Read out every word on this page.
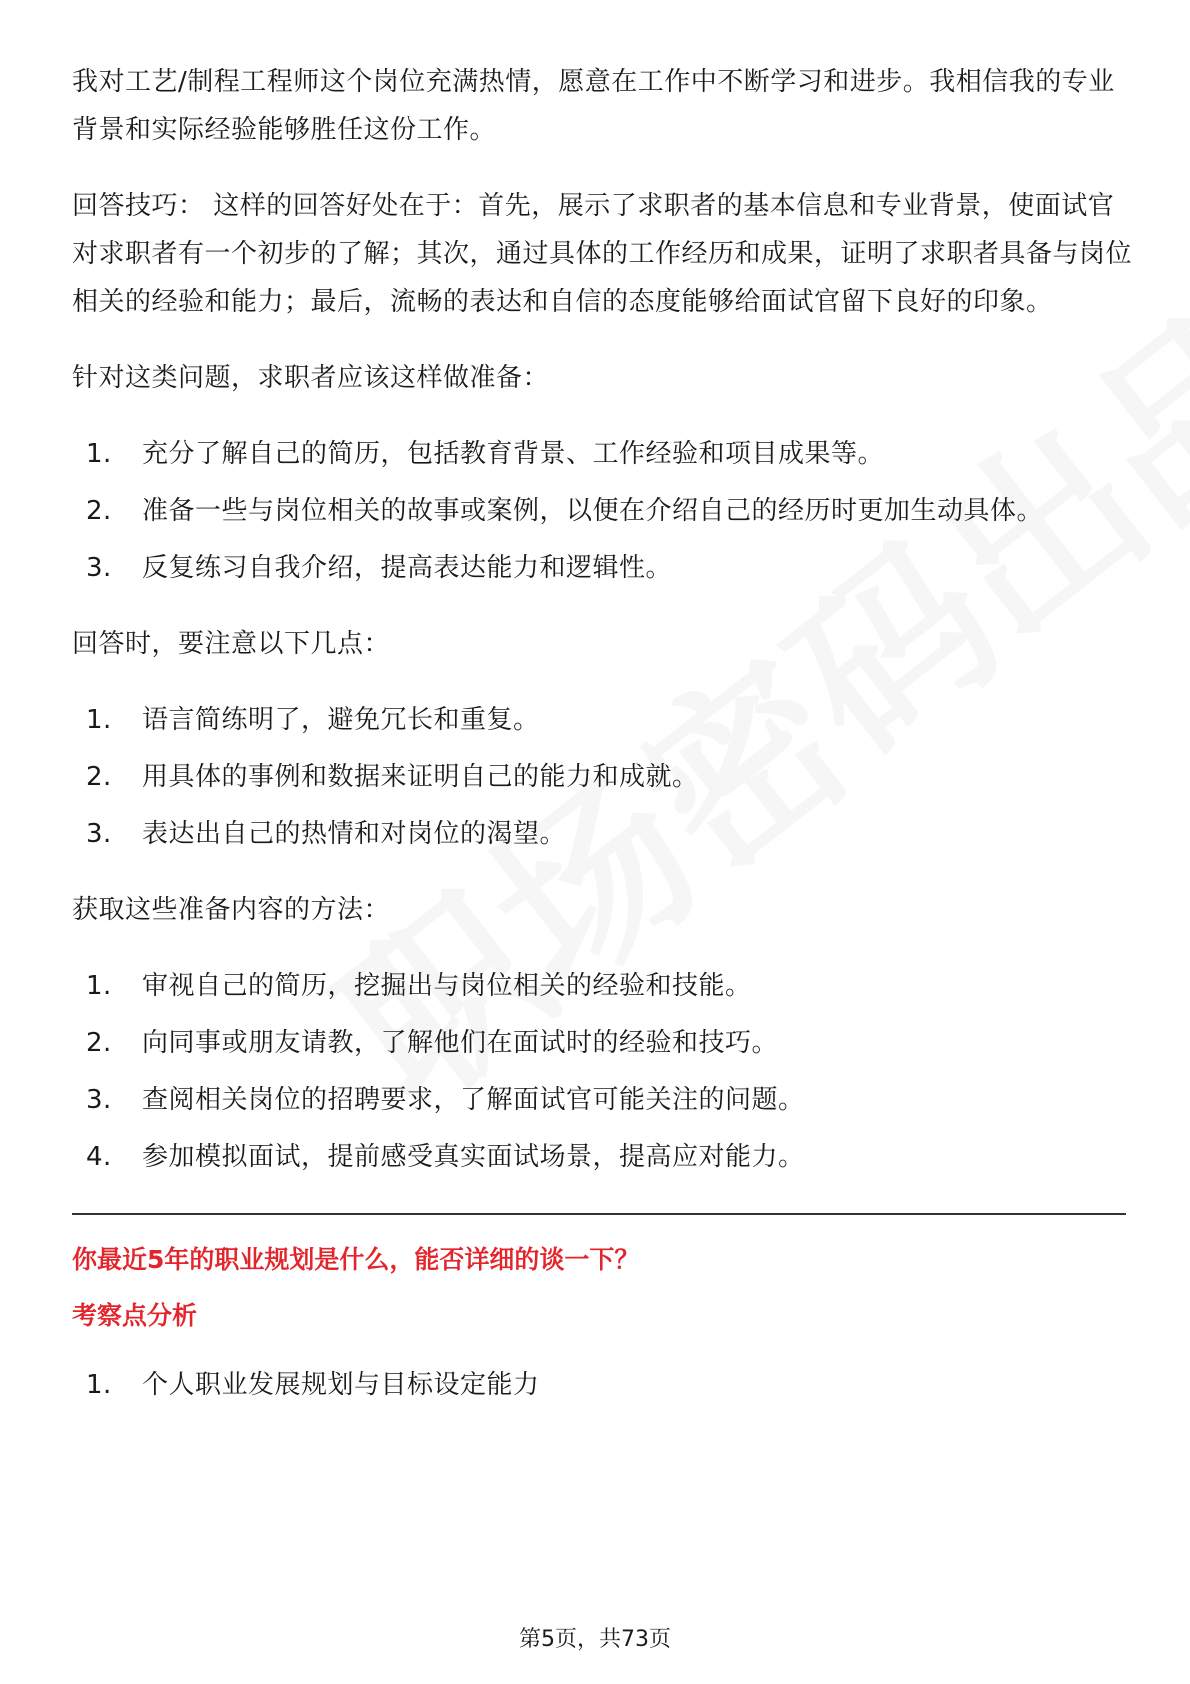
我对工艺/制程工程师这个岗位充满热情，愿意在工作中不断学习和进步。我相信我的专业背景和实际经验能够胜任这份工作。

回答技巧： 这样的回答好处在于：首先，展示了求职者的基本信息和专业背景，使面试官对求职者有一个初步的了解；其次，通过具体的工作经历和成果，证明了求职者具备与岗位相关的经验和能力；最后，流畅的表达和自信的态度能够给面试官留下良好的印象。

针对这类问题，求职者应该这样做准备：

1.	充分了解自己的简历，包括教育背景、工作经验和项目成果等。
2.	准备一些与岗位相关的故事或案例，以便在介绍自己的经历时更加生动具体。
3.	反复练习自我介绍，提高表达能力和逻辑性。

回答时，要注意以下几点：

1.	语言简练明了，避免冗长和重复。
2.	用具体的事例和数据来证明自己的能力和成就。
3.	表达出自己的热情和对岗位的渴望。

获取这些准备内容的方法：

1.	审视自己的简历，挖掘出与岗位相关的经验和技能。
2.	向同事或朋友请教，了解他们在面试时的经验和技巧。
3.	查阅相关岗位的招聘要求，了解面试官可能关注的问题。
4.	参加模拟面试，提前感受真实面试场景，提高应对能力。

你最近5年的职业规划是什么，能否详细的谈一下？

考察点分析

1.	个人职业发展规划与目标设定能力
第5页，共73页
